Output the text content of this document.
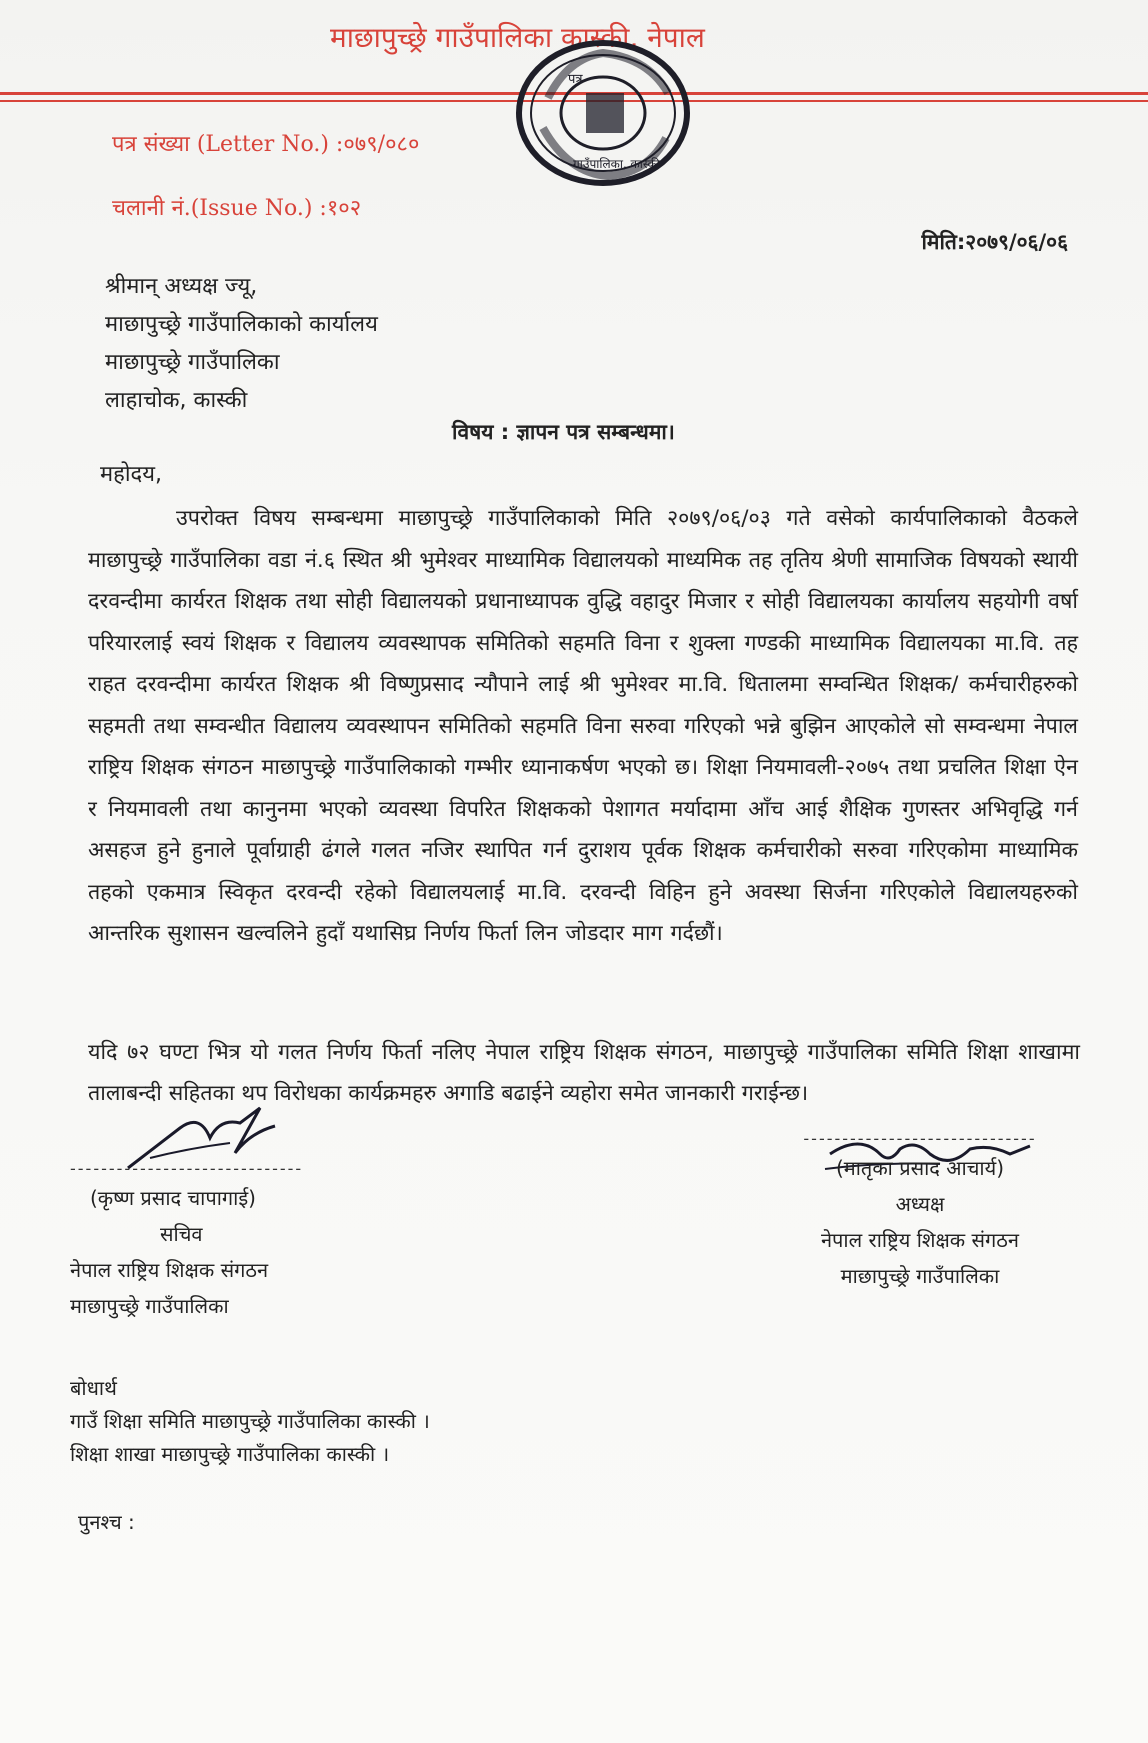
माछापुच्छ्रे गाउँपालिका कास्की, नेपाल
पत्र
गाउँपालिका, कास्की
पत्र संख्या (Letter No.) :०७९/०८०
चलानी नं.(Issue No.) :१०२
मिति:२०७९/०६/०६
श्रीमान् अध्यक्ष ज्यू,
माछापुच्छ्रे गाउँपालिकाको कार्यालय
माछापुच्छ्रे गाउँपालिका
लाहाचोक, कास्की
विषय : ज्ञापन पत्र सम्बन्धमा।
महोदय,
उपरोक्त विषय सम्बन्धमा माछापुच्छ्रे गाउँपालिकाको मिति २०७९/०६/०३ गते वसेको कार्यपालिकाको वैठकले माछापुच्छ्रे गाउँपालिका वडा नं.६ स्थित श्री भुमेश्वर माध्यामिक विद्यालयको माध्यमिक तह तृतिय श्रेणी सामाजिक विषयको स्थायी दरवन्दीमा कार्यरत शिक्षक तथा सोही विद्यालयको प्रधानाध्यापक वुद्धि वहादुर मिजार र सोही विद्यालयका कार्यालय सहयोगी वर्षा परियारलाई स्वयं शिक्षक र विद्यालय व्यवस्थापक समितिको सहमति विना र शुक्ला गण्डकी माध्यामिक विद्यालयका मा.वि. तह राहत दरवन्दीमा कार्यरत शिक्षक श्री विष्णुप्रसाद न्यौपाने लाई श्री भुमेश्वर मा.वि. धितालमा सम्वन्धित शिक्षक/ कर्मचारीहरुको सहमती तथा सम्वन्धीत विद्यालय व्यवस्थापन समितिको सहमति विना सरुवा गरिएको भन्ने बुझिन आएकोले सो सम्वन्धमा नेपाल राष्ट्रिय शिक्षक संगठन माछापुच्छ्रे गाउँपालिकाको गम्भीर ध्यानाकर्षण भएको छ। शिक्षा नियमावली-२०७५ तथा प्रचलित शिक्षा ऐन र नियमावली तथा कानुनमा भएको व्यवस्था विपरित शिक्षकको पेशागत मर्यादामा आँच आई शैक्षिक गुणस्तर अभिवृद्धि गर्न असहज हुने हुनाले पूर्वाग्राही ढंगले गलत नजिर स्थापित गर्न दुराशय पूर्वक शिक्षक कर्मचारीको सरुवा गरिएकोमा माध्यामिक तहको एकमात्र स्विकृत दरवन्दी रहेको विद्यालयलाई मा.वि. दरवन्दी विहिन हुने अवस्था सिर्जना गरिएकोले विद्यालयहरुको आन्तरिक सुशासन खल्वलिने हुदाँ यथासिघ्र निर्णय फिर्ता लिन जोडदार माग गर्दछौं।
यदि ७२ घण्टा भित्र यो गलत निर्णय फिर्ता नलिए नेपाल राष्ट्रिय शिक्षक संगठन, माछापुच्छ्रे गाउँपालिका समिति शिक्षा शाखामा तालाबन्दी सहितका थप विरोधका कार्यक्रमहरु अगाडि बढाईने व्यहोरा समेत जानकारी गराईन्छ।
------------------------------
(कृष्ण प्रसाद चापागाई)
सचिव
नेपाल राष्ट्रिय शिक्षक संगठन
माछापुच्छ्रे गाउँपालिका
------------------------------
(मातृका प्रसाद आचार्य)
अध्यक्ष
नेपाल राष्ट्रिय शिक्षक संगठन
माछापुच्छ्रे गाउँपालिका
बोधार्थ
गाउँ शिक्षा समिति माछापुच्छ्रे गाउँपालिका कास्की ।
शिक्षा शाखा माछापुच्छ्रे गाउँपालिका कास्की ।
पुनश्च :
